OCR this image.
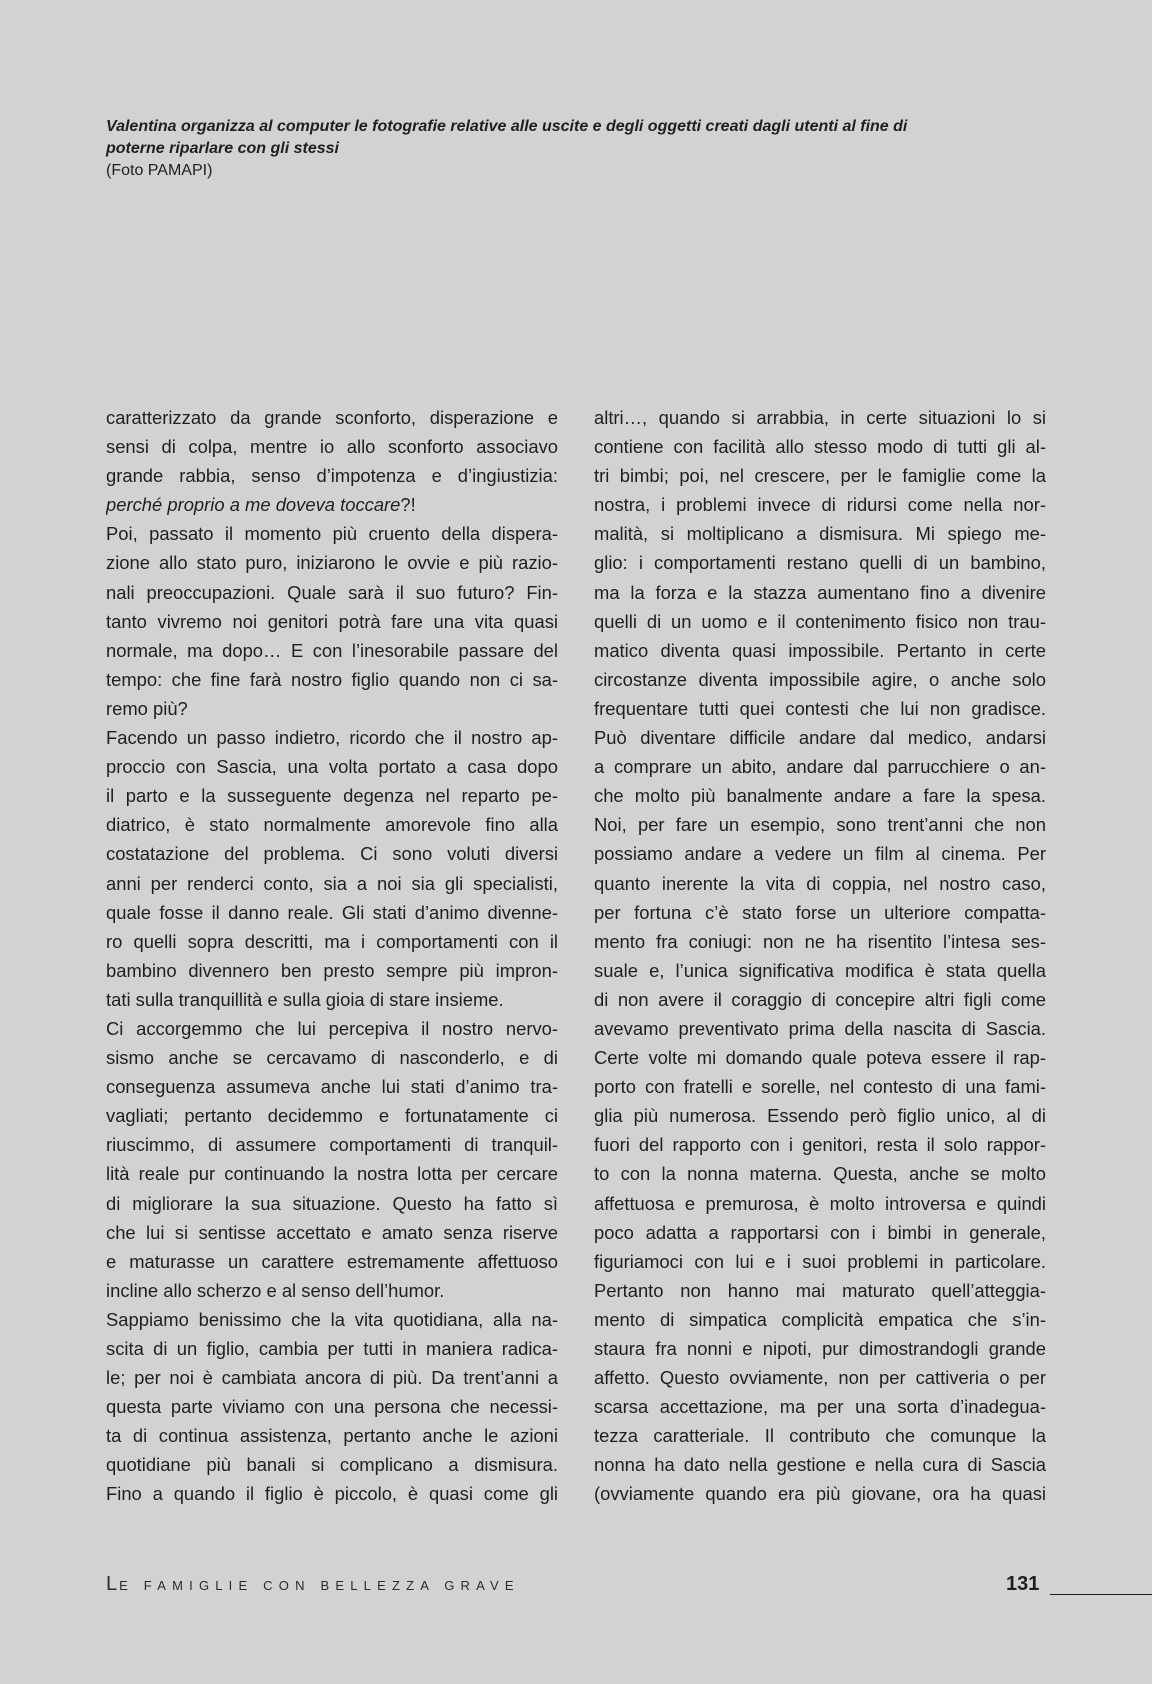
Valentina organizza al computer le fotografie relative alle uscite e degli oggetti creati dagli utenti al fine di
poterne riparlare con gli stessi
(Foto PAMAPI)
caratterizzato da grande sconforto, disperazione e
sensi di colpa, mentre io allo sconforto associavo
grande rabbia, senso d’impotenza e d’ingiustizia:
perché proprio a me doveva toccare?!
Poi, passato il momento più cruento della dispera-
zione allo stato puro, iniziarono le ovvie e più razio-
nali preoccupazioni. Quale sarà il suo futuro? Fin-
tanto vivremo noi genitori potrà fare una vita quasi
normale, ma dopo… E con l’inesorabile passare del
tempo: che fine farà nostro figlio quando non ci sa-
remo più?
Facendo un passo indietro, ricordo che il nostro ap-
proccio con Sascia, una volta portato a casa dopo
il parto e la susseguente degenza nel reparto pe-
diatrico, è stato normalmente amorevole fino alla
costatazione del problema. Ci sono voluti diversi
anni per renderci conto, sia a noi sia gli specialisti,
quale fosse il danno reale. Gli stati d’animo divenne-
ro quelli sopra descritti, ma i comportamenti con il
bambino divennero ben presto sempre più impron-
tati sulla tranquillità e sulla gioia di stare insieme.
Ci accorgemmo che lui percepiva il nostro nervo-
sismo anche se cercavamo di nasconderlo, e di
conseguenza assumeva anche lui stati d’animo tra-
vagliati; pertanto decidemmo e fortunatamente ci
riuscimmo, di assumere comportamenti di tranquil-
lità reale pur continuando la nostra lotta per cercare
di migliorare la sua situazione. Questo ha fatto sì
che lui si sentisse accettato e amato senza riserve
e maturasse un carattere estremamente affettuoso
incline allo scherzo e al senso dell’humor.
Sappiamo benissimo che la vita quotidiana, alla na-
scita di un figlio, cambia per tutti in maniera radica-
le; per noi è cambiata ancora di più. Da trent’anni a
questa parte viviamo con una persona che necessi-
ta di continua assistenza, pertanto anche le azioni
quotidiane più banali si complicano a dismisura.
Fino a quando il figlio è piccolo, è quasi come gli
altri…, quando si arrabbia, in certe situazioni lo si
contiene con facilità allo stesso modo di tutti gli al-
tri bimbi; poi, nel crescere, per le famiglie come la
nostra, i problemi invece di ridursi come nella nor-
malità, si moltiplicano a dismisura. Mi spiego me-
glio: i comportamenti restano quelli di un bambino,
ma la forza e la stazza aumentano fino a divenire
quelli di un uomo e il contenimento fisico non trau-
matico diventa quasi impossibile. Pertanto in certe
circostanze diventa impossibile agire, o anche solo
frequentare tutti quei contesti che lui non gradisce.
Può diventare difficile andare dal medico, andarsi
a comprare un abito, andare dal parrucchiere o an-
che molto più banalmente andare a fare la spesa.
Noi, per fare un esempio, sono trent’anni che non
possiamo andare a vedere un film al cinema. Per
quanto inerente la vita di coppia, nel nostro caso,
per fortuna c’è stato forse un ulteriore compatta-
mento fra coniugi: non ne ha risentito l’intesa ses-
suale e, l’unica significativa modifica è stata quella
di non avere il coraggio di concepire altri figli come
avevamo preventivato prima della nascita di Sascia.
Certe volte mi domando quale poteva essere il rap-
porto con fratelli e sorelle, nel contesto di una fami-
glia più numerosa. Essendo però figlio unico, al di
fuori del rapporto con i genitori, resta il solo rappor-
to con la nonna materna. Questa, anche se molto
affettuosa e premurosa, è molto introversa e quindi
poco adatta a rapportarsi con i bimbi in generale,
figuriamoci con lui e i suoi problemi in particolare.
Pertanto non hanno mai maturato quell’atteggia-
mento di simpatica complicità empatica che s’in-
staura fra nonni e nipoti, pur dimostrandogli grande
affetto. Questo ovviamente, non per cattiveria o per
scarsa accettazione, ma per una sorta d’inadegua-
tezza caratteriale. Il contributo che comunque la
nonna ha dato nella gestione e nella cura di Sascia
(ovviamente quando era più giovane, ora ha quasi
LE FAMIGLIE CON BELLEZZA GRAVE	131
